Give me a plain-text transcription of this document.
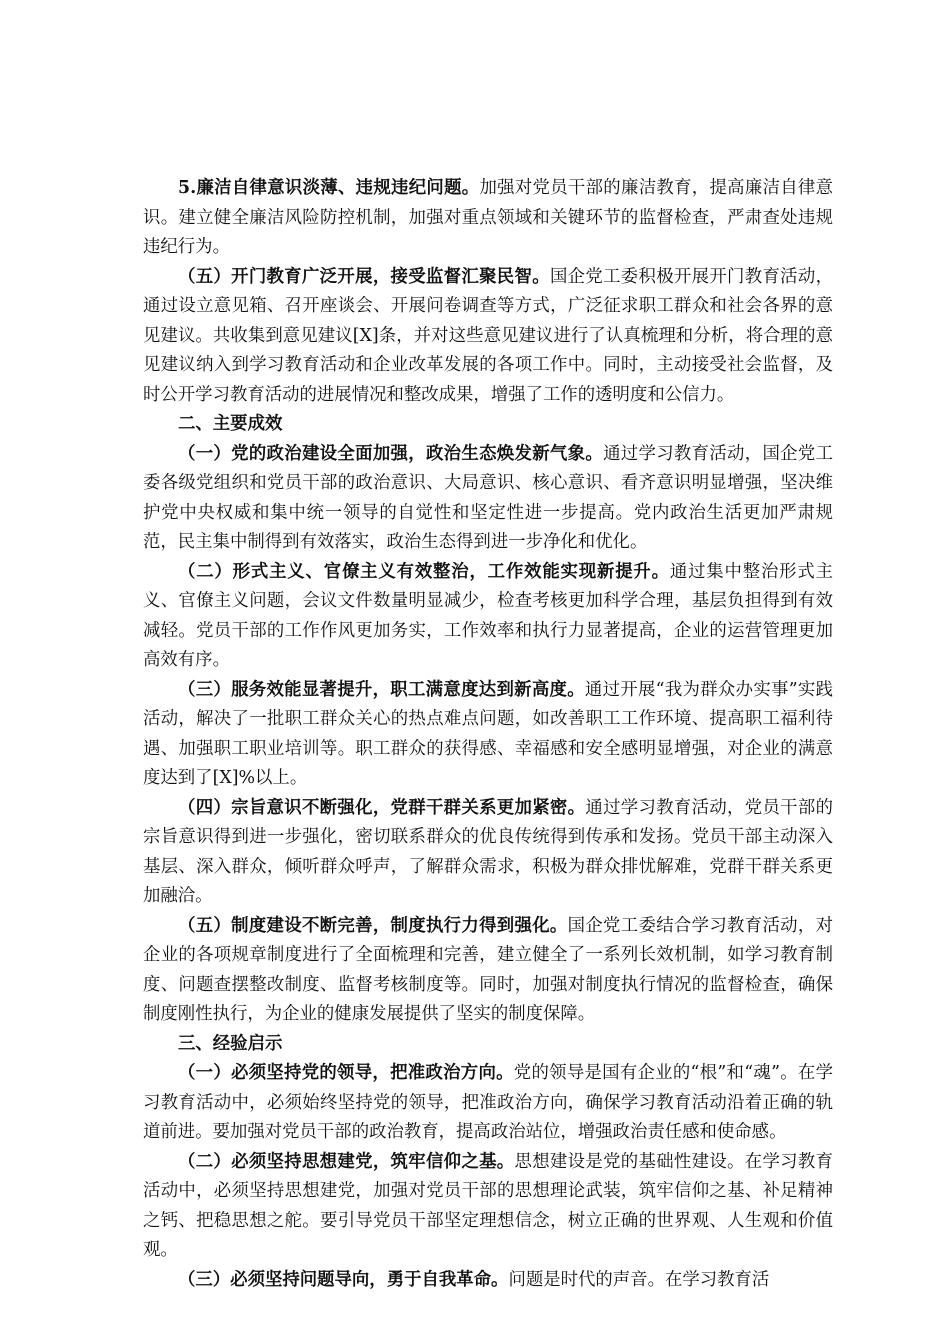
5.廉洁自律意识淡薄、违规违纪问题。加强对党员干部的廉洁教育，提高廉洁自律意识。建立健全廉洁风险防控机制，加强对重点领域和关键环节的监督检查，严肃查处违规违纪行为。

（五）开门教育广泛开展，接受监督汇聚民智。国企党工委积极开展开门教育活动，通过设立意见箱、召开座谈会、开展问卷调查等方式，广泛征求职工群众和社会各界的意见建议。共收集到意见建议[X]条，并对这些意见建议进行了认真梳理和分析，将合理的意见建议纳入到学习教育活动和企业改革发展的各项工作中。同时，主动接受社会监督，及时公开学习教育活动的进展情况和整改成果，增强了工作的透明度和公信力。

二、主要成效

（一）党的政治建设全面加强，政治生态焕发新气象。通过学习教育活动，国企党工委各级党组织和党员干部的政治意识、大局意识、核心意识、看齐意识明显增强，坚决维护党中央权威和集中统一领导的自觉性和坚定性进一步提高。党内政治生活更加严肃规范，民主集中制得到有效落实，政治生态得到进一步净化和优化。

（二）形式主义、官僚主义有效整治，工作效能实现新提升。通过集中整治形式主义、官僚主义问题，会议文件数量明显减少，检查考核更加科学合理，基层负担得到有效减轻。党员干部的工作作风更加务实，工作效率和执行力显著提高，企业的运营管理更加高效有序。

（三）服务效能显著提升，职工满意度达到新高度。通过开展“我为群众办实事”实践活动，解决了一批职工群众关心的热点难点问题，如改善职工工作环境、提高职工福利待遇、加强职工职业培训等。职工群众的获得感、幸福感和安全感明显增强，对企业的满意度达到了[X]%以上。

（四）宗旨意识不断强化，党群干群关系更加紧密。通过学习教育活动，党员干部的宗旨意识得到进一步强化，密切联系群众的优良传统得到传承和发扬。党员干部主动深入基层、深入群众，倾听群众呼声，了解群众需求，积极为群众排忧解难，党群干群关系更加融洽。

（五）制度建设不断完善，制度执行力得到强化。国企党工委结合学习教育活动，对企业的各项规章制度进行了全面梳理和完善，建立健全了一系列长效机制，如学习教育制度、问题查摆整改制度、监督考核制度等。同时，加强对制度执行情况的监督检查，确保制度刚性执行，为企业的健康发展提供了坚实的制度保障。

三、经验启示

（一）必须坚持党的领导，把准政治方向。党的领导是国有企业的“根”和“魂”。在学习教育活动中，必须始终坚持党的领导，把准政治方向，确保学习教育活动沿着正确的轨道前进。要加强对党员干部的政治教育，提高政治站位，增强政治责任感和使命感。

（二）必须坚持思想建党，筑牢信仰之基。思想建设是党的基础性建设。在学习教育活动中，必须坚持思想建党，加强对党员干部的思想理论武装，筑牢信仰之基、补足精神之钙、把稳思想之舵。要引导党员干部坚定理想信念，树立正确的世界观、人生观和价值观。

（三）必须坚持问题导向，勇于自我革命。问题是时代的声音。在学习教育活
